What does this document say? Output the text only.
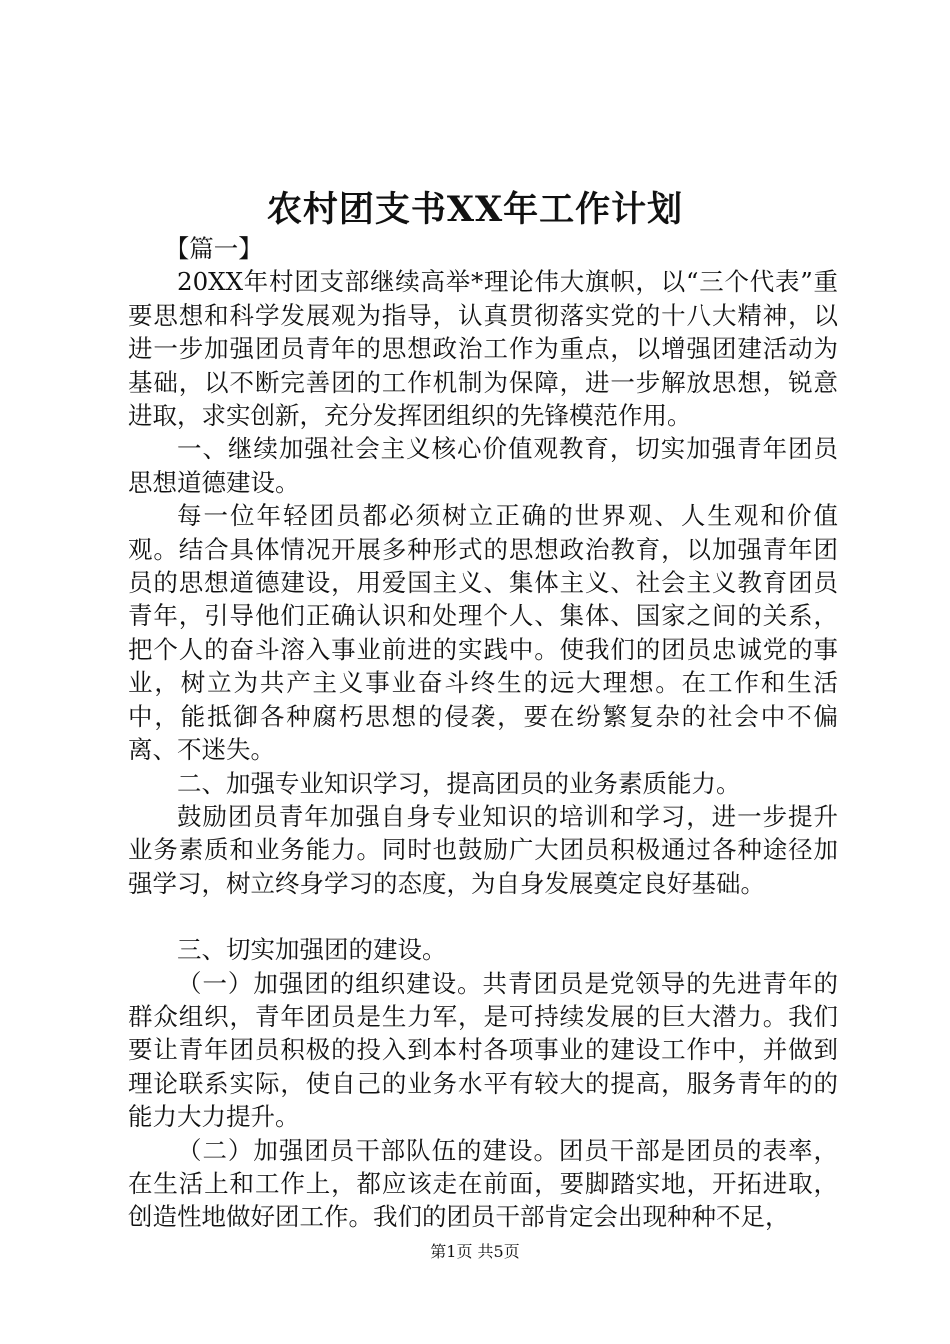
农村团支书XX年工作计划

【篇一】

20XX年村团支部继续高举*理论伟大旗帜，以“三个代表”重要思想和科学发展观为指导，认真贯彻落实党的十八大精神，以进一步加强团员青年的思想政治工作为重点，以增强团建活动为基础，以不断完善团的工作机制为保障，进一步解放思想，锐意进取，求实创新，充分发挥团组织的先锋模范作用。

一、继续加强社会主义核心价值观教育，切实加强青年团员思想道德建设。

每一位年轻团员都必须树立正确的世界观、人生观和价值观。结合具体情况开展多种形式的思想政治教育，以加强青年团员的思想道德建设，用爱国主义、集体主义、社会主义教育团员青年，引导他们正确认识和处理个人、集体、国家之间的关系，把个人的奋斗溶入事业前进的实践中。使我们的团员忠诚党的事业，树立为共产主义事业奋斗终生的远大理想。在工作和生活中，能抵御各种腐朽思想的侵袭，要在纷繁复杂的社会中不偏离、不迷失。

二、加强专业知识学习，提高团员的业务素质能力。

鼓励团员青年加强自身专业知识的培训和学习，进一步提升业务素质和业务能力。同时也鼓励广大团员积极通过各种途径加强学习，树立终身学习的态度，为自身发展奠定良好基础。

三、切实加强团的建设。

（一）加强团的组织建设。共青团员是党领导的先进青年的群众组织，青年团员是生力军，是可持续发展的巨大潜力。我们要让青年团员积极的投入到本村各项事业的建设工作中，并做到理论联系实际，使自己的业务水平有较大的提高，服务青年的的能力大力提升。

（二）加强团员干部队伍的建设。团员干部是团员的表率，在生活上和工作上，都应该走在前面，要脚踏实地，开拓进取，创造性地做好团工作。我们的团员干部肯定会出现种种不足，

第1页 共5页
